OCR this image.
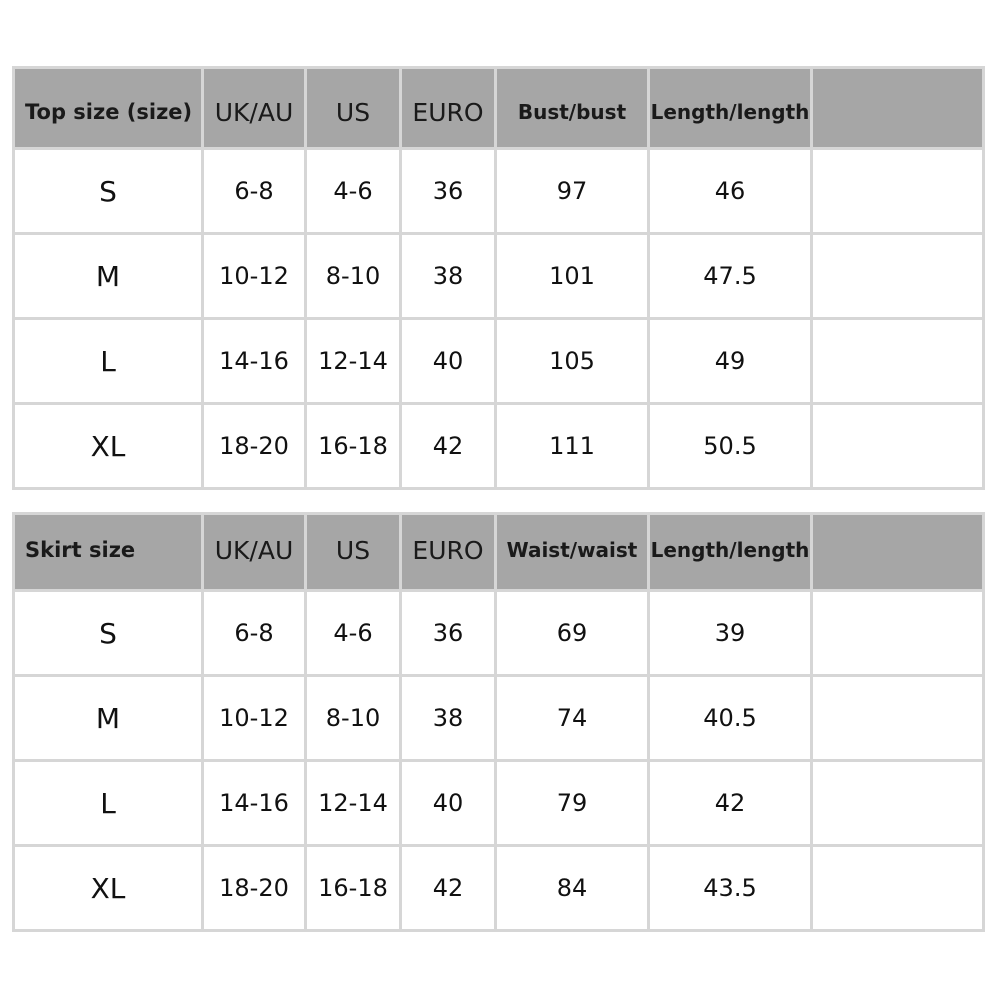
Top size (size)	UK/AU	US	EURO	Bust/bust	Length/length	
S	6-8	4-6	36	97	46	
M	10-12	8-10	38	101	47.5	
L	14-16	12-14	40	105	49	
XL	18-20	16-18	42	111	50.5	
Skirt size	UK/AU	US	EURO	Waist/waist	Length/length	
S	6-8	4-6	36	69	39	
M	10-12	8-10	38	74	40.5	
L	14-16	12-14	40	79	42	
XL	18-20	16-18	42	84	43.5	
